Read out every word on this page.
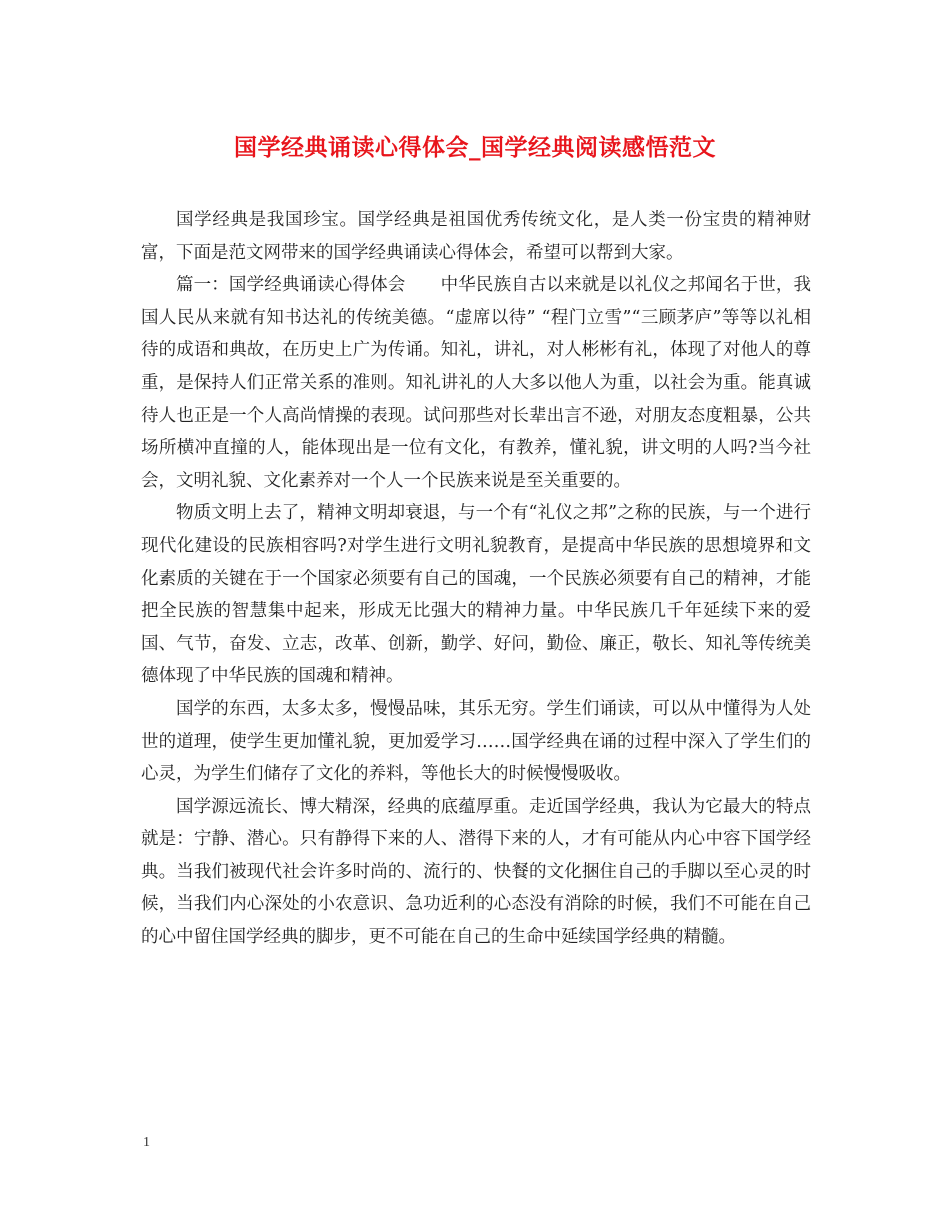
国学经典诵读心得体会_国学经典阅读感悟范文

国学经典是我国珍宝。国学经典是祖国优秀传统文化，是人类一份宝贵的精神财富，下面是范文网带来的国学经典诵读心得体会，希望可以帮到大家。

篇一：国学经典诵读心得体会　　中华民族自古以来就是以礼仪之邦闻名于世，我国人民从来就有知书达礼的传统美德。“虚席以待” “程门立雪”“三顾茅庐”等等以礼相待的成语和典故，在历史上广为传诵。知礼，讲礼，对人彬彬有礼，体现了对他人的尊重，是保持人们正常关系的准则。知礼讲礼的人大多以他人为重，以社会为重。能真诚待人也正是一个人高尚情操的表现。试问那些对长辈出言不逊，对朋友态度粗暴，公共场所横冲直撞的人，能体现出是一位有文化，有教养，懂礼貌，讲文明的人吗?当今社会，文明礼貌、文化素养对一个人一个民族来说是至关重要的。

物质文明上去了，精神文明却衰退，与一个有“礼仪之邦”之称的民族，与一个进行现代化建设的民族相容吗?对学生进行文明礼貌教育，是提高中华民族的思想境界和文化素质的关键在于一个国家必须要有自己的国魂，一个民族必须要有自己的精神，才能把全民族的智慧集中起来，形成无比强大的精神力量。中华民族几千年延续下来的爱国、气节，奋发、立志，改革、创新，勤学、好问，勤俭、廉正，敬长、知礼等传统美德体现了中华民族的国魂和精神。

国学的东西，太多太多，慢慢品味，其乐无穷。学生们诵读，可以从中懂得为人处世的道理，使学生更加懂礼貌，更加爱学习……国学经典在诵的过程中深入了学生们的心灵，为学生们储存了文化的养料，等他长大的时候慢慢吸收。

国学源远流长、博大精深，经典的底蕴厚重。走近国学经典，我认为它最大的特点就是：宁静、潜心。只有静得下来的人、潜得下来的人，才有可能从内心中容下国学经典。当我们被现代社会许多时尚的、流行的、快餐的文化捆住自己的手脚以至心灵的时候，当我们内心深处的小农意识、急功近利的心态没有消除的时候，我们不可能在自己的心中留住国学经典的脚步，更不可能在自己的生命中延续国学经典的精髓。

1
